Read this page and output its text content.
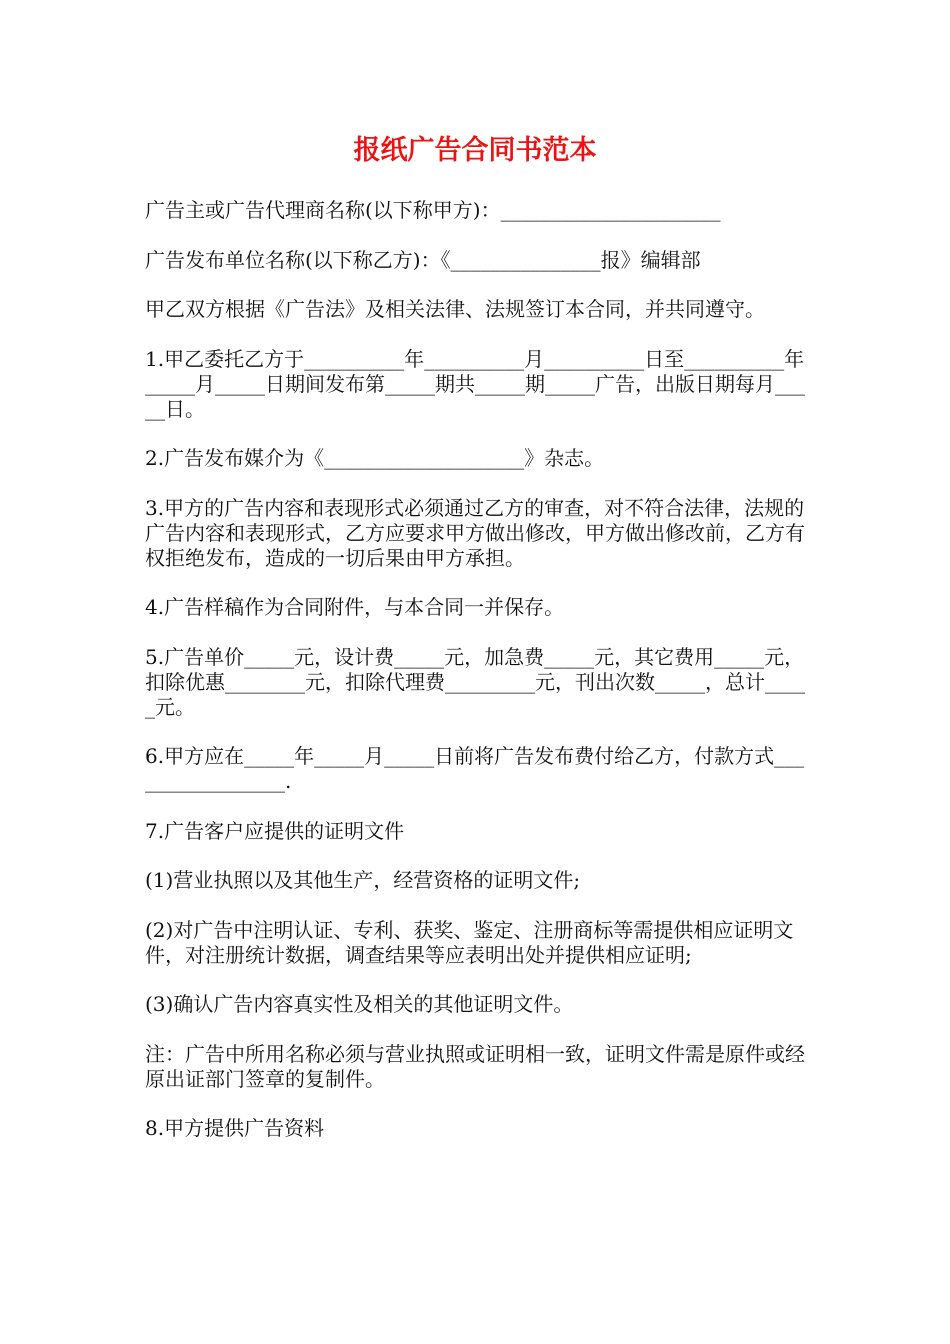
报纸广告合同书范本

广告主或广告代理商名称(以下称甲方)：______________________

广告发布单位名称(以下称乙方)：《_______________报》编辑部

甲乙双方根据《广告法》及相关法律、法规签订本合同，并共同遵守。

1.甲乙委托乙方于__________年__________月__________日至__________年_____月_____日期间发布第_____期共_____期_____广告，出版日期每月_____日。

2.广告发布媒介为《____________________》杂志。

3.甲方的广告内容和表现形式必须通过乙方的审查，对不符合法律，法规的广告内容和表现形式，乙方应要求甲方做出修改，甲方做出修改前，乙方有权拒绝发布，造成的一切后果由甲方承担。

4.广告样稿作为合同附件，与本合同一并保存。

5.广告单价_____元，设计费_____元，加急费_____元，其它费用_____元，扣除优惠________元，扣除代理费_________元，刊出次数_____，总计_____元。

6.甲方应在_____年_____月_____日前将广告发布费付给乙方，付款方式_________________.

7.广告客户应提供的证明文件

(1)营业执照以及其他生产，经营资格的证明文件;

(2)对广告中注明认证、专利、获奖、鉴定、注册商标等需提供相应证明文件，对注册统计数据，调查结果等应表明出处并提供相应证明;

(3)确认广告内容真实性及相关的其他证明文件。

注：广告中所用名称必须与营业执照或证明相一致，证明文件需是原件或经原出证部门签章的复制件。

8.甲方提供广告资料
